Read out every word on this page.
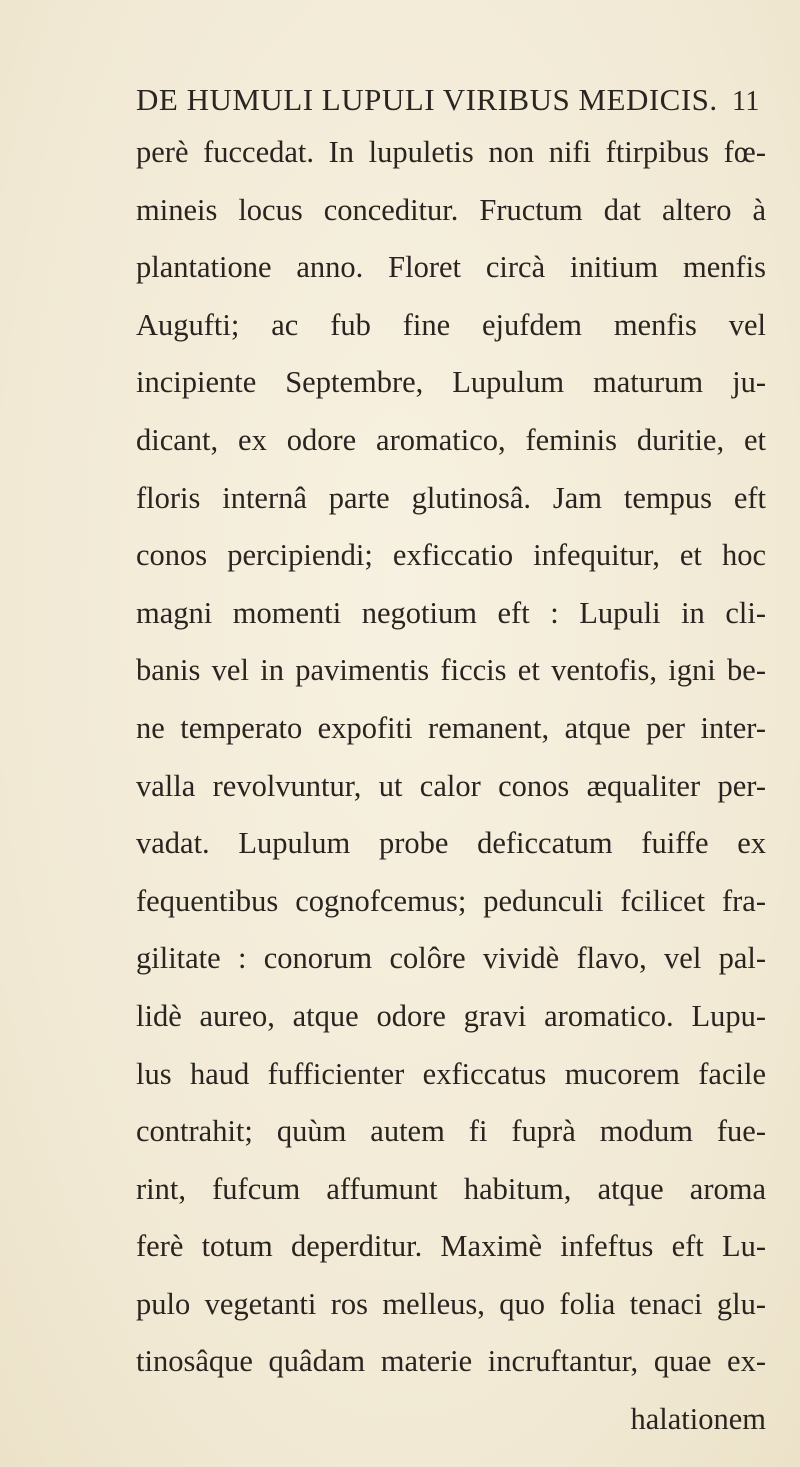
DE HUMULI LUPULI VIRIBUS MEDICIS. 11
perè fuccedat. In lupuletis non nifi ftirpibus fœ-
mineis locus conceditur. Fructum dat altero à
plantatione anno. Floret circà initium menfis
Augufti; ac fub fine ejufdem menfis vel
incipiente Septembre, Lupulum maturum ju-
dicant, ex odore aromatico, feminis duritie, et
floris internâ parte glutinosâ. Jam tempus eft
conos percipiendi; exficcatio infequitur, et hoc
magni momenti negotium eft : Lupuli in cli-
banis vel in pavimentis ficcis et ventofis, igni be-
ne temperato expofiti remanent, atque per inter-
valla revolvuntur, ut calor conos æqualiter per-
vadat. Lupulum probe deficcatum fuiffe ex
fequentibus cognofcemus; pedunculi fcilicet fra-
gilitate : conorum colôre vividè flavo, vel pal-
lidè aureo, atque odore gravi aromatico. Lupu-
lus haud fufficienter exficcatus mucorem facile
contrahit; quùm autem fi fuprà modum fue-
rint, fufcum affumunt habitum, atque aroma
ferè totum deperditur. Maximè infeftus eft Lu-
pulo vegetanti ros melleus, quo folia tenaci glu-
tinosâque quâdam materie incruftantur, quae ex-
halationem
